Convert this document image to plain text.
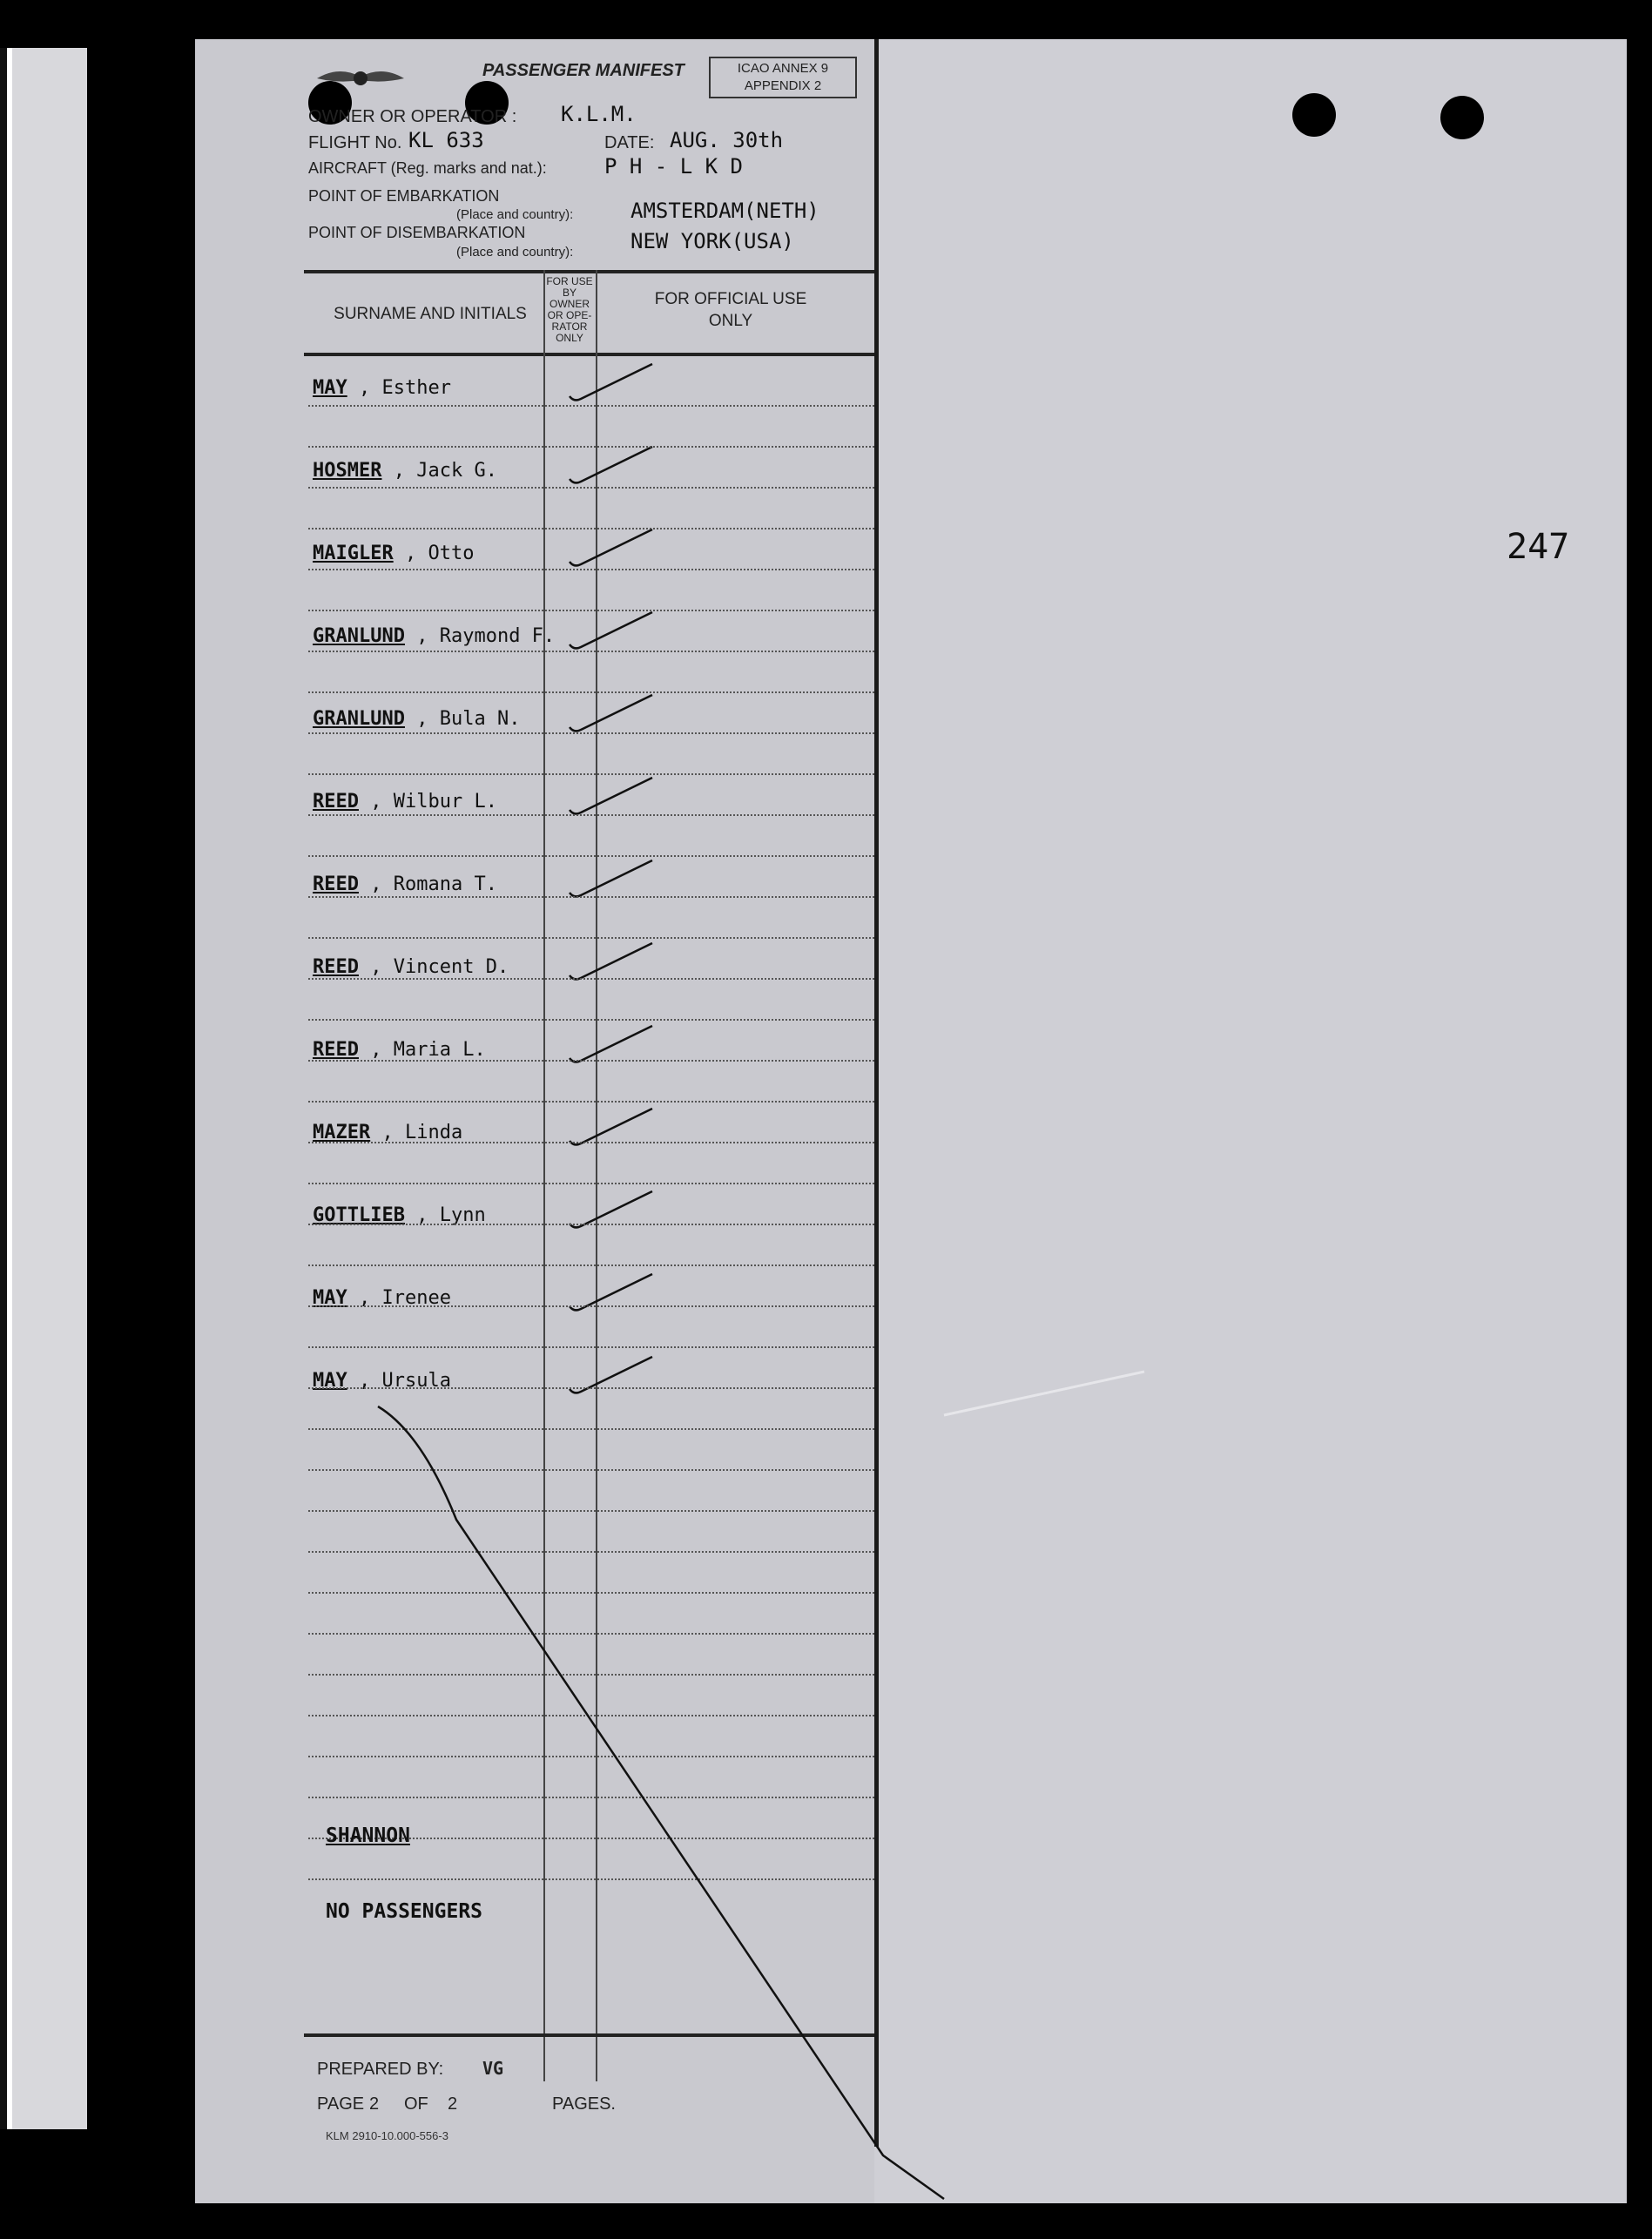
PASSENGER MANIFEST	ICAO ANNEX 9
APPENDIX 2
OWNER OR OPERATOR : K.L.M.
FLIGHT No. KL 633	DATE: AUG. 30th
AIRCRAFT (Reg. marks and nat.):	P H - L K D
POINT OF EMBARKATION
(Place and country):	AMSTERDAM(NETH)
POINT OF DISEMBARKATION
(Place and country):	NEW YORK(USA)
SURNAME AND INITIALS
FOR USE BY OWNER OR OPE- RATOR ONLY
FOR OFFICIAL USE
ONLY
MAY , Esther
HOSMER , Jack G.
MAIGLER , Otto
GRANLUND , Raymond F.
GRANLUND , Bula N.
REED , Wilbur L.
REED , Romana T.
REED , Vincent D.
REED , Maria L.
MAZER , Linda
GOTTLIEB , Lynn
MAY , Irenee
MAY , Ursula
SHANNON
NO PASSENGERS
PREPARED BY: VG
PAGE 2 OF 2	PAGES.
KLM 2910-10.000-556-3
247
